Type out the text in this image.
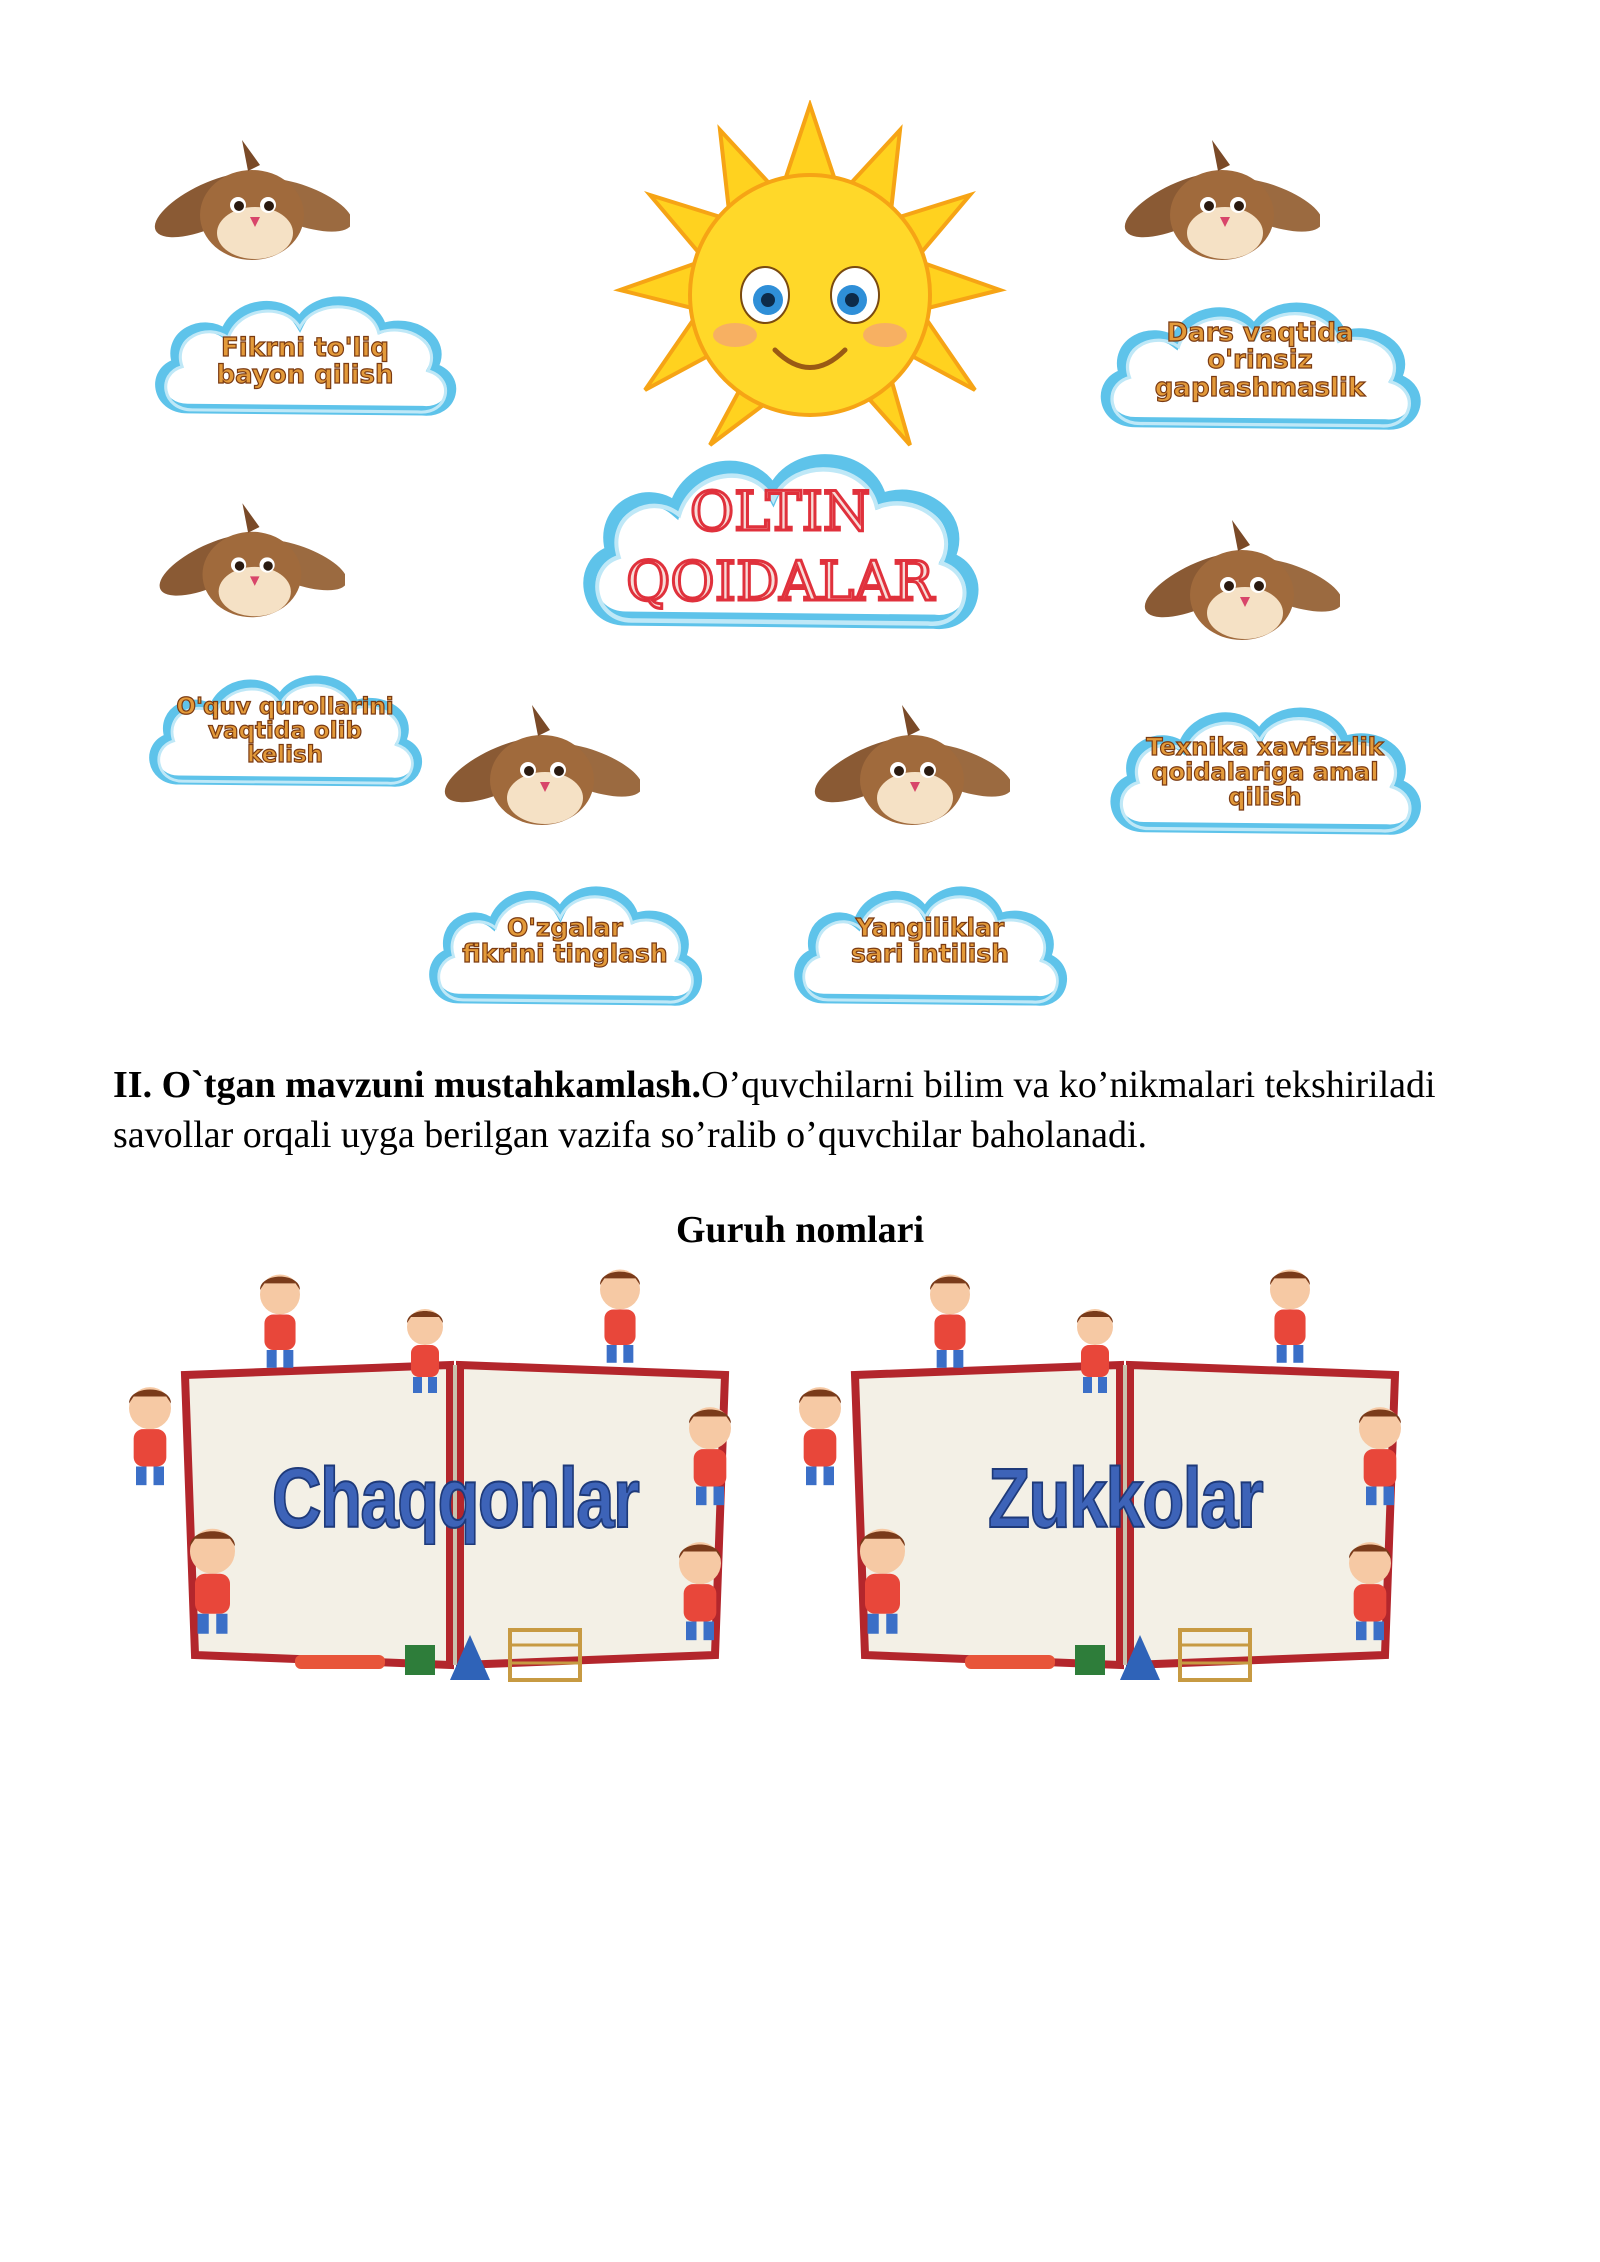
OLTIN
QOIDALAR
Fikrni to'liq
bayon qilish
Dars vaqtida
o'rinsiz
gaplashmaslik
O'quv qurollarini
vaqtida olib
kelish	Texnika xavfsizlik
qoidalariga amal
qilish
O'zgalar
fikrini tinglash
Yangiliklar
sari intilish
II. O`tgan mavzuni mustahkamlash.O’quvchilarni bilim va ko’nikmalari tekshiriladi savollar orqali uyga berilgan vazifa so’ralib o’quvchilar baholanadi.
Guruh nomlari
Chaqqonlar	Zukkolar
